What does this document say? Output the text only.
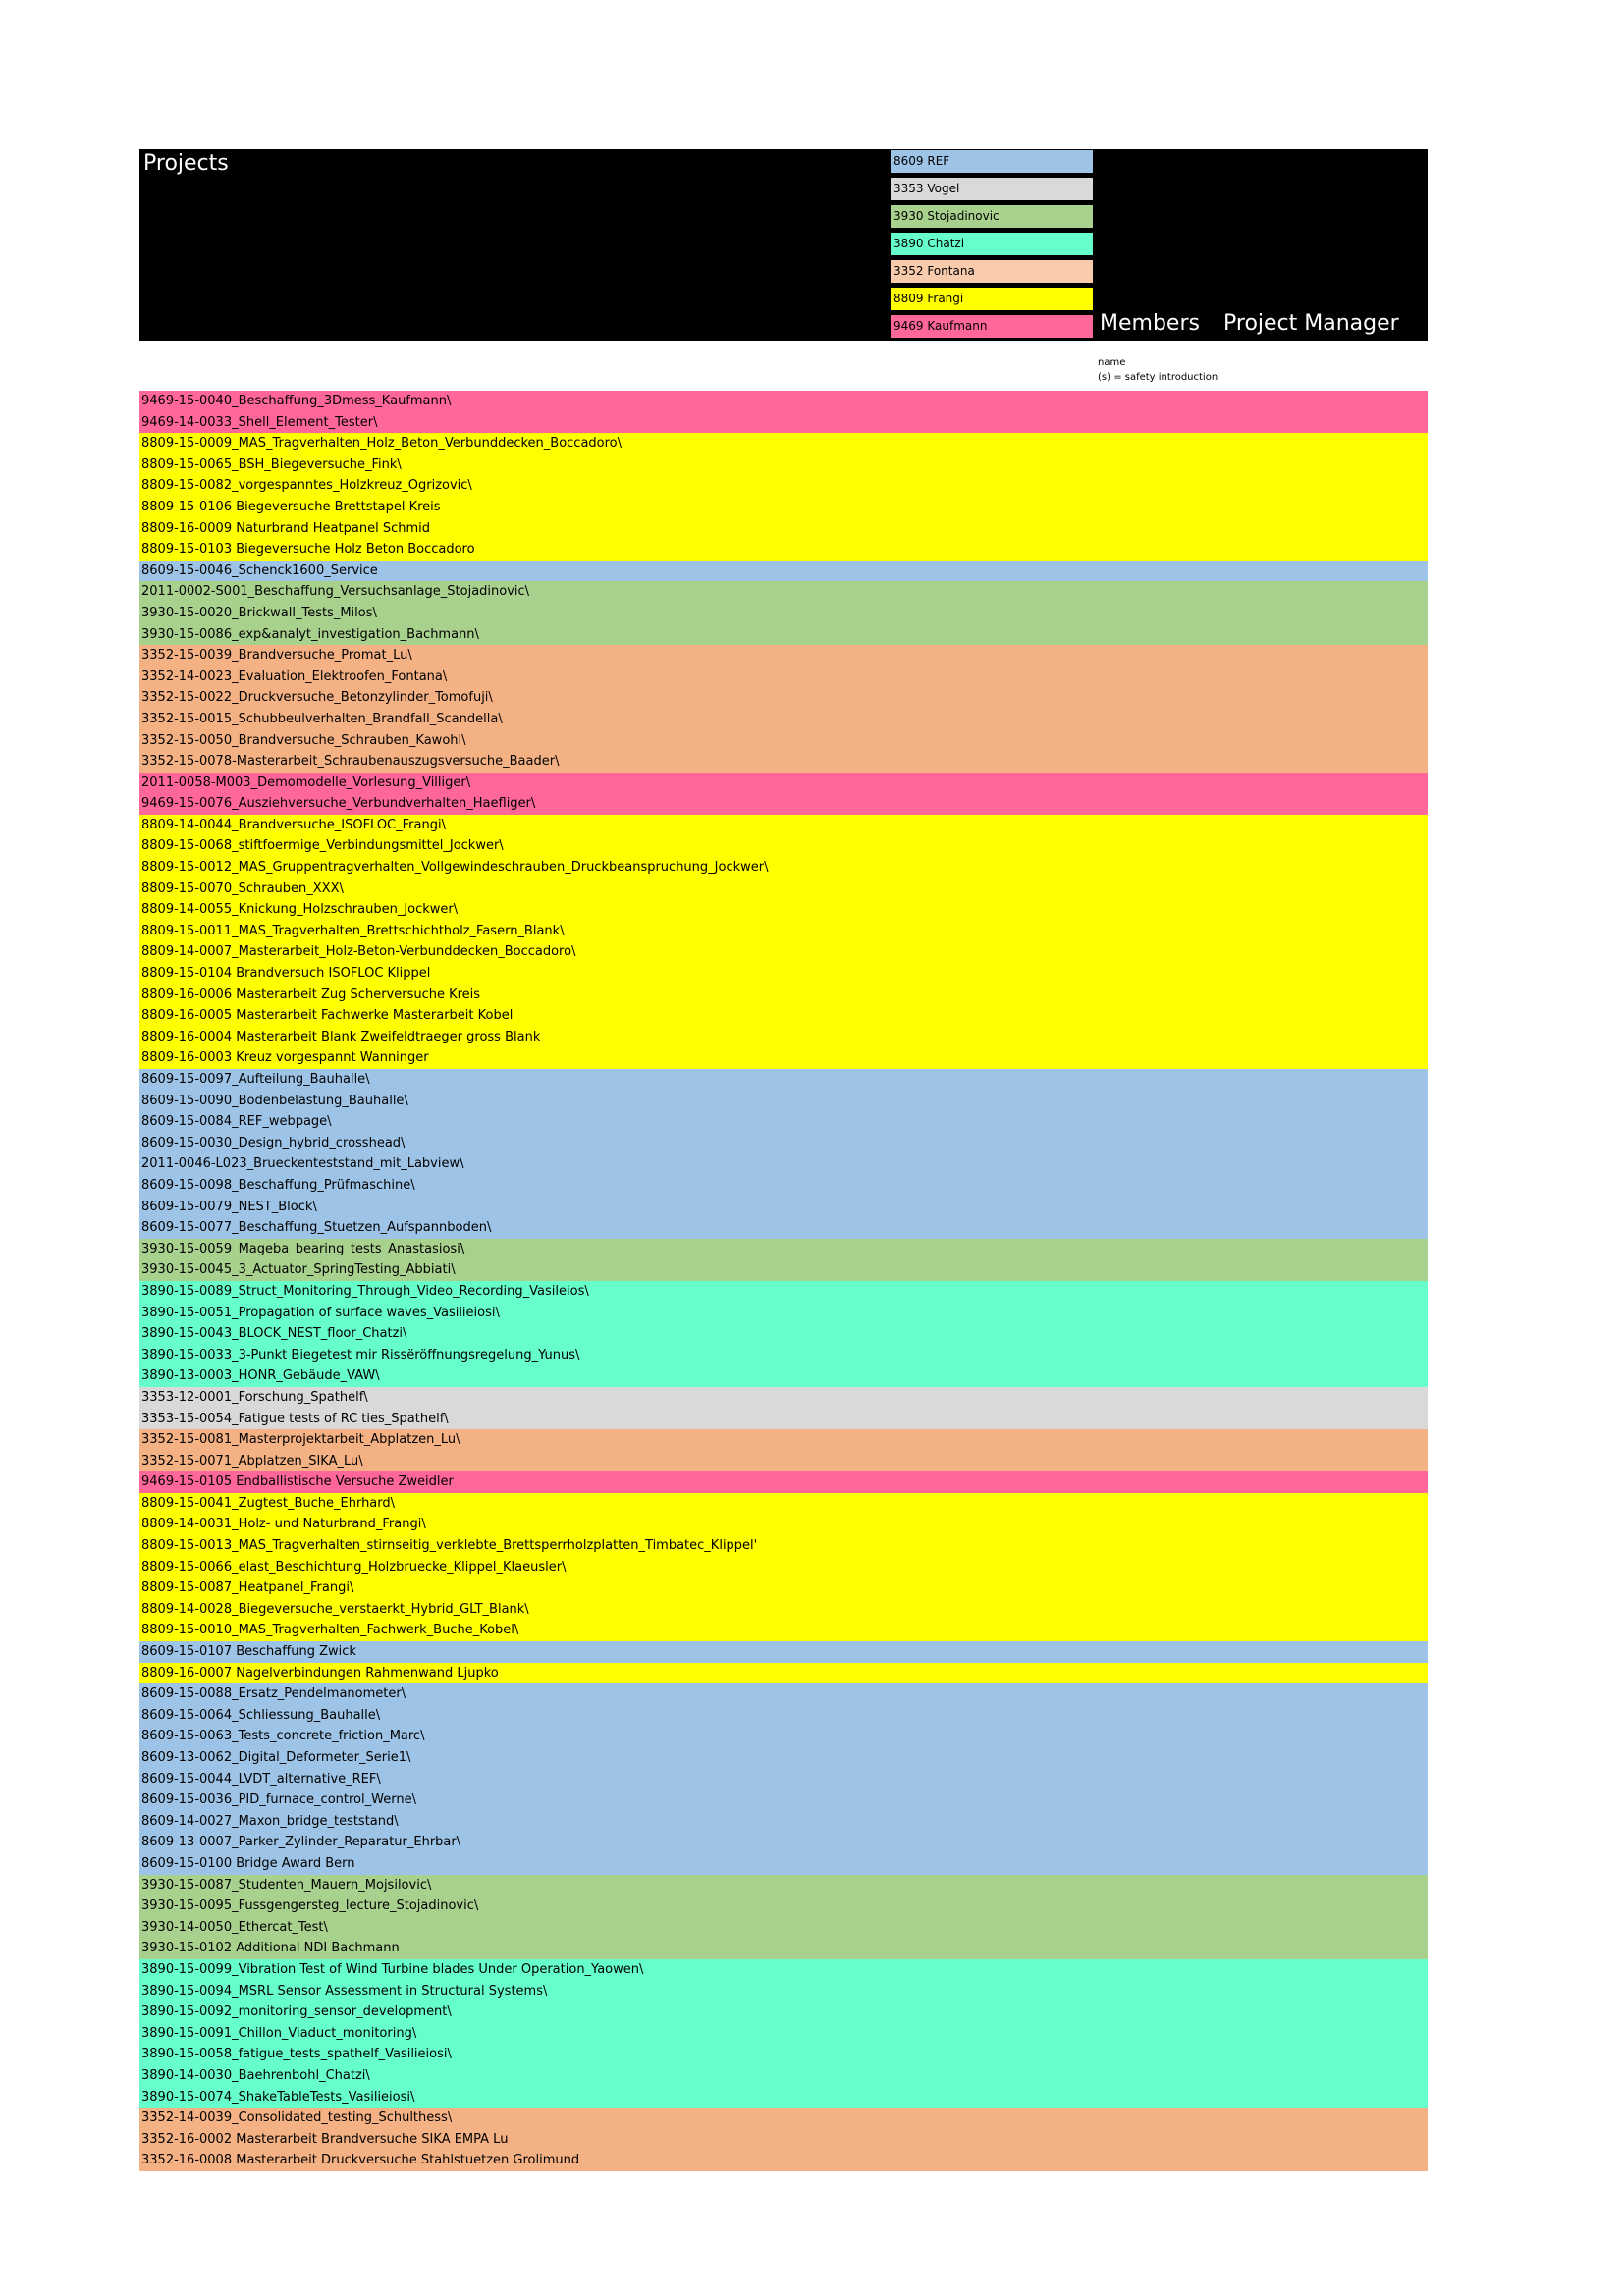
Projects	8609 REF
3353 Vogel
3930 Stojadinovic
3890 Chatzi
3352 Fontana
8809 Frangi
9469 Kaufmann	Members Project Manager
name
(s) = safety introduction
9469-15-0040_Beschaffung_3Dmess_Kaufmann\
9469-14-0033_Shell_Element_Tester\
8809-15-0009_MAS_Tragverhalten_Holz_Beton_Verbunddecken_Boccadoro\
8809-15-0065_BSH_Biegeversuche_Fink\
8809-15-0082_vorgespanntes_Holzkreuz_Ogrizovic\
8809-15-0106 Biegeversuche Brettstapel Kreis
8809-16-0009 Naturbrand Heatpanel Schmid
8809-15-0103 Biegeversuche Holz Beton Boccadoro
8609-15-0046_Schenck1600_Service
2011-0002-S001_Beschaffung_Versuchsanlage_Stojadinovic\
3930-15-0020_Brickwall_Tests_Milos\
3930-15-0086_exp&analyt_investigation_Bachmann\
3352-15-0039_Brandversuche_Promat_Lu\
3352-14-0023_Evaluation_Elektroofen_Fontana\
3352-15-0022_Druckversuche_Betonzylinder_Tomofuji\
3352-15-0015_Schubbeulverhalten_Brandfall_Scandella\
3352-15-0050_Brandversuche_Schrauben_Kawohl\
3352-15-0078-Masterarbeit_Schraubenauszugsversuche_Baader\
2011-0058-M003_Demomodelle_Vorlesung_Villiger\
9469-15-0076_Ausziehversuche_Verbundverhalten_Haefliger\
8809-14-0044_Brandversuche_ISOFLOC_Frangi\
8809-15-0068_stiftfoermige_Verbindungsmittel_Jockwer\
8809-15-0012_MAS_Gruppentragverhalten_Vollgewindeschrauben_Druckbeanspruchung_Jockwer\
8809-15-0070_Schrauben_XXX\
8809-14-0055_Knickung_Holzschrauben_Jockwer\
8809-15-0011_MAS_Tragverhalten_Brettschichtholz_Fasern_Blank\
8809-14-0007_Masterarbeit_Holz-Beton-Verbunddecken_Boccadoro\
8809-15-0104 Brandversuch ISOFLOC Klippel
8809-16-0006 Masterarbeit Zug Scherversuche Kreis
8809-16-0005 Masterarbeit Fachwerke Masterarbeit Kobel
8809-16-0004 Masterarbeit Blank Zweifeldtraeger gross Blank
8809-16-0003 Kreuz vorgespannt Wanninger
8609-15-0097_Aufteilung_Bauhalle\
8609-15-0090_Bodenbelastung_Bauhalle\
8609-15-0084_REF_webpage\
8609-15-0030_Design_hybrid_crosshead\
2011-0046-L023_Brueckenteststand_mit_Labview\
8609-15-0098_Beschaffung_Prüfmaschine\
8609-15-0079_NEST_Block\
8609-15-0077_Beschaffung_Stuetzen_Aufspannboden\
3930-15-0059_Mageba_bearing_tests_Anastasiosi\
3930-15-0045_3_Actuator_SpringTesting_Abbiati\
3890-15-0089_Struct_Monitoring_Through_Video_Recording_Vasileios\
3890-15-0051_Propagation of surface waves_Vasilieiosi\
3890-15-0043_BLOCK_NEST_floor_Chatzi\
3890-15-0033_3-Punkt Biegetest mir Rissëröffnungsregelung_Yunus\
3890-13-0003_HONR_Gebäude_VAW\
3353-12-0001_Forschung_Spathelf\
3353-15-0054_Fatigue tests of RC ties_Spathelf\
3352-15-0081_Masterprojektarbeit_Abplatzen_Lu\
3352-15-0071_Abplatzen_SIKA_Lu\
9469-15-0105 Endballistische Versuche Zweidler
8809-15-0041_Zugtest_Buche_Ehrhard\
8809-14-0031_Holz- und Naturbrand_Frangi\
8809-15-0013_MAS_Tragverhalten_stirnseitig_verklebte_Brettsperrholzplatten_Timbatec_Klippel'
8809-15-0066_elast_Beschichtung_Holzbruecke_Klippel_Klaeusler\
8809-15-0087_Heatpanel_Frangi\
8809-14-0028_Biegeversuche_verstaerkt_Hybrid_GLT_Blank\
8809-15-0010_MAS_Tragverhalten_Fachwerk_Buche_Kobel\
8609-15-0107 Beschaffung Zwick
8809-16-0007 Nagelverbindungen Rahmenwand Ljupko
8609-15-0088_Ersatz_Pendelmanometer\
8609-15-0064_Schliessung_Bauhalle\
8609-15-0063_Tests_concrete_friction_Marc\
8609-13-0062_Digital_Deformeter_Serie1\
8609-15-0044_LVDT_alternative_REF\
8609-15-0036_PID_furnace_control_Werne\
8609-14-0027_Maxon_bridge_teststand\
8609-13-0007_Parker_Zylinder_Reparatur_Ehrbar\
8609-15-0100 Bridge Award Bern
3930-15-0087_Studenten_Mauern_Mojsilovic\
3930-15-0095_Fussgengersteg_lecture_Stojadinovic\
3930-14-0050_Ethercat_Test\
3930-15-0102 Additional NDI Bachmann
3890-15-0099_Vibration Test of Wind Turbine blades Under Operation_Yaowen\
3890-15-0094_MSRL Sensor Assessment in Structural Systems\
3890-15-0092_monitoring_sensor_development\
3890-15-0091_Chillon_Viaduct_monitoring\
3890-15-0058_fatigue_tests_spathelf_Vasilieiosi\
3890-14-0030_Baehrenbohl_Chatzi\
3890-15-0074_ShakeTableTests_Vasilieiosi\
3352-14-0039_Consolidated_testing_Schulthess\
3352-16-0002 Masterarbeit Brandversuche SIKA EMPA Lu
3352-16-0008 Masterarbeit Druckversuche Stahlstuetzen Grolimund
